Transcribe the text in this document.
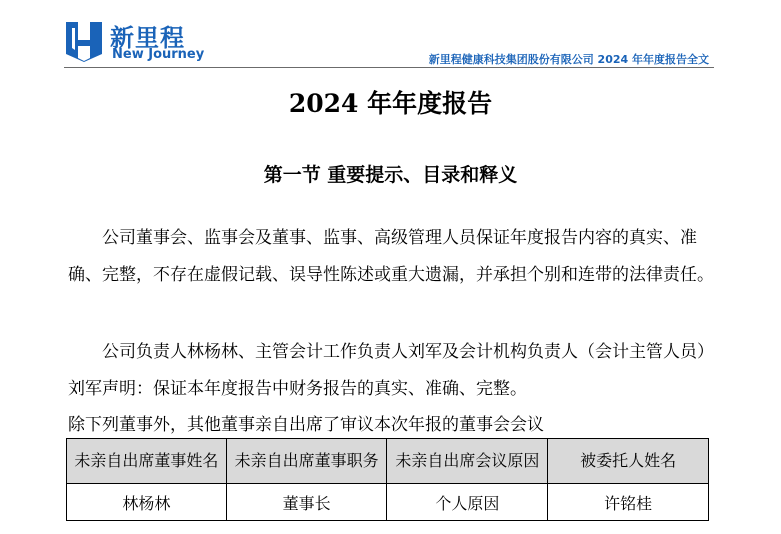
新里程
New Journey	新里程健康科技集团股份有限公司 2024 年年度报告全文
2024 年年度报告
第一节 重要提示、目录和释义

公司董事会、监事会及董事、监事、高级管理人员保证年度报告内容的真实、准确、完整，不存在虚假记载、误导性陈述或重大遗漏，并承担个别和连带的法律责任。

公司负责人林杨林、主管会计工作负责人刘军及会计机构负责人（会计主管人员）刘军声明：保证本年度报告中财务报告的真实、准确、完整。

除下列董事外，其他董事亲自出席了审议本次年报的董事会会议
未亲自出席董事姓名	未亲自出席董事职务	未亲自出席会议原因	被委托人姓名
林杨林	董事长	个人原因	许铭桂
